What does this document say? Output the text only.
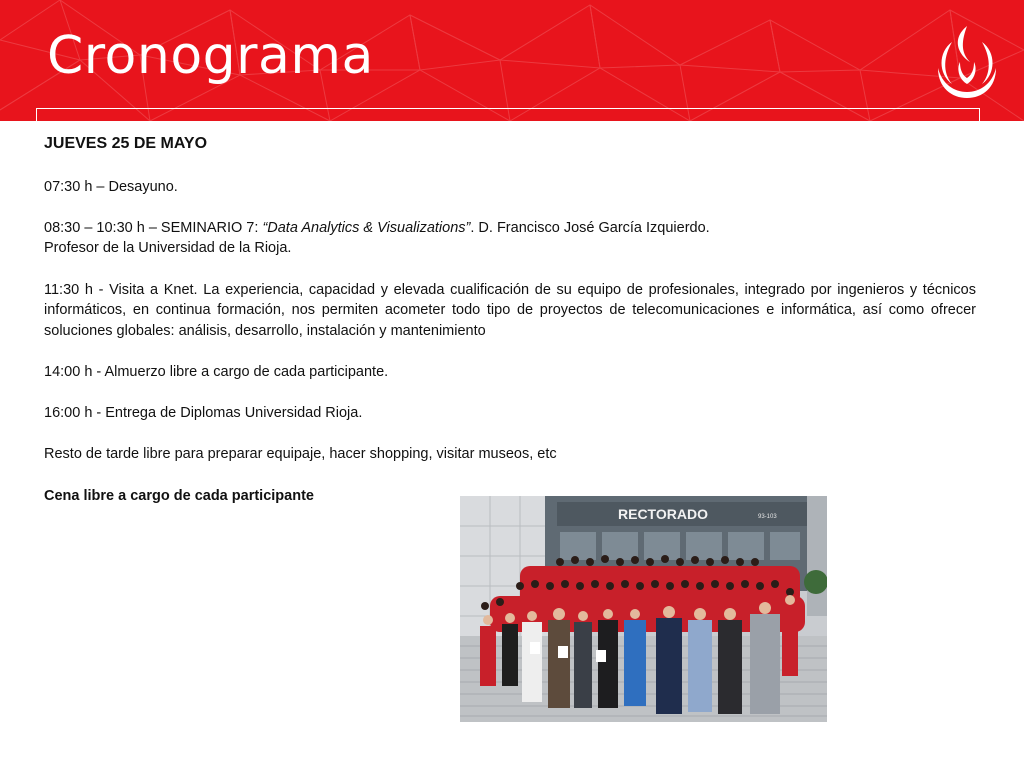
Cronograma
JUEVES 25 DE MAYO

07:30 h – Desayuno.

08:30 – 10:30 h – SEMINARIO 7: “Data Analytics & Visualizations”. D. Francisco José García Izquierdo.
Profesor de la Universidad de la Rioja.

11:30 h - Visita a Knet. La experiencia, capacidad y elevada cualificación de su equipo de profesionales, integrado por ingenieros y técnicos informáticos, en continua formación, nos permiten acometer todo tipo de proyectos de telecomunicaciones e informática, así como ofrecer soluciones globales: análisis, desarrollo, instalación y mantenimiento

14:00 h - Almuerzo libre a cargo de cada participante.

16:00 h - Entrega de Diplomas Universidad Rioja.

Resto de tarde libre para preparar equipaje, hacer shopping, visitar museos, etc

Cena libre a cargo de cada participante

RECTORADO	93-103
